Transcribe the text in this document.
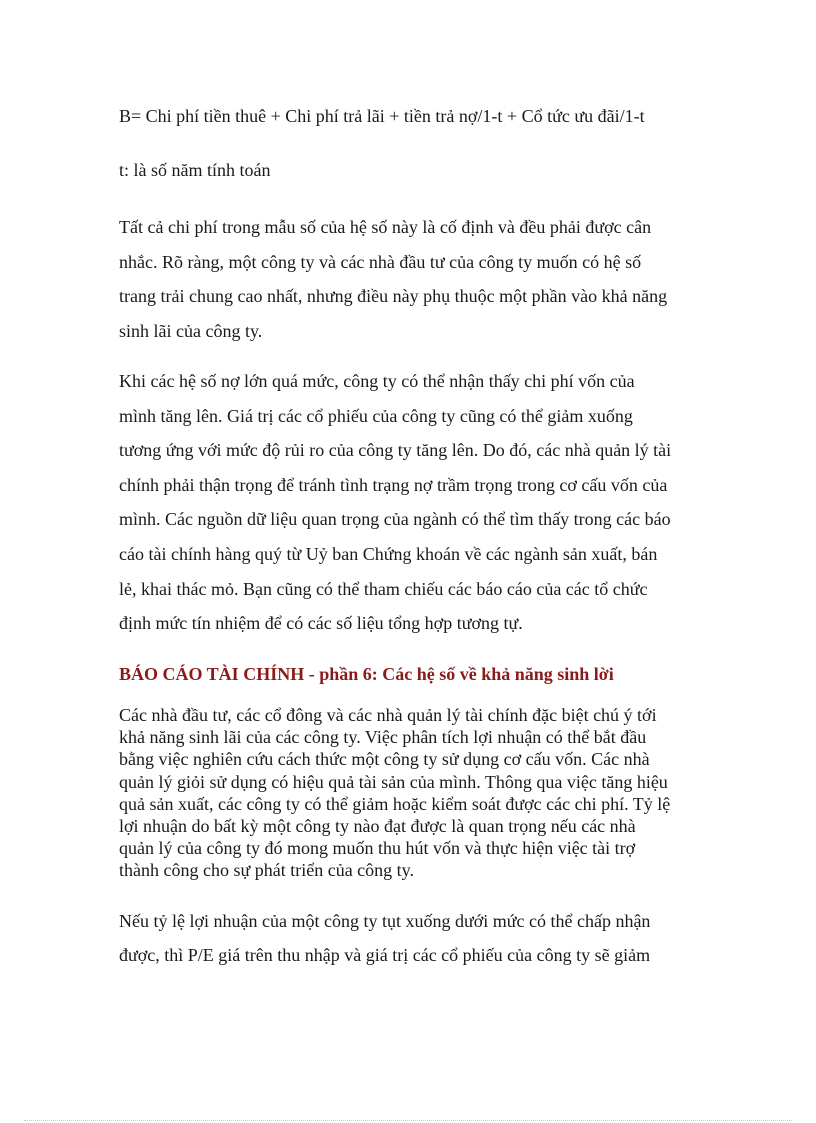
B= Chi phí tiền thuê + Chi phí trả lãi + tiền trả nợ/1-t + Cổ tức ưu đãi/1-t

t: là số năm tính toán

Tất cả chi phí trong mẫu số của hệ số này là cố định và đều phải được cân
nhắc. Rõ ràng, một công ty và các nhà đầu tư của công ty muốn có hệ số
trang trải chung cao nhất, nhưng điều này phụ thuộc một phần vào khả năng
sinh lãi của công ty.

Khi các hệ số nợ lớn quá mức, công ty có thể nhận thấy chi phí vốn của
mình tăng lên. Giá trị các cổ phiếu của công ty cũng có thể giảm xuống
tương ứng với mức độ rủi ro của công ty tăng lên. Do đó, các nhà quản lý tài
chính phải thận trọng để tránh tình trạng nợ trầm trọng trong cơ cấu vốn của
mình. Các nguồn dữ liệu quan trọng của ngành có thể tìm thấy trong các báo
cáo tài chính hàng quý từ Uỷ ban Chứng khoán về các ngành sản xuất, bán
lẻ, khai thác mỏ. Bạn cũng có thể tham chiếu các báo cáo của các tổ chức
định mức tín nhiệm để có các số liệu tổng hợp tương tự.

BÁO CÁO TÀI CHÍNH - phần 6: Các hệ số về khả năng sinh lời

Các nhà đầu tư, các cổ đông và các nhà quản lý tài chính đặc biệt chú ý tới
khả năng sinh lãi của các công ty. Việc phân tích lợi nhuận có thể bắt đầu
bằng việc nghiên cứu cách thức một công ty sử dụng cơ cấu vốn. Các nhà
quản lý giỏi sử dụng có hiệu quả tài sản của mình. Thông qua việc tăng hiệu
quả sản xuất, các công ty có thể giảm hoặc kiểm soát được các chi phí. Tỷ lệ
lợi nhuận do bất kỳ một công ty nào đạt được là quan trọng nếu các nhà
quản lý của công ty đó mong muốn thu hút vốn và thực hiện việc tài trợ
thành công cho sự phát triển của công ty.

Nếu tỷ lệ lợi nhuận của một công ty tụt xuống dưới mức có thể chấp nhận
được, thì P/E giá trên thu nhập và giá trị các cổ phiếu của công ty sẽ giảm
